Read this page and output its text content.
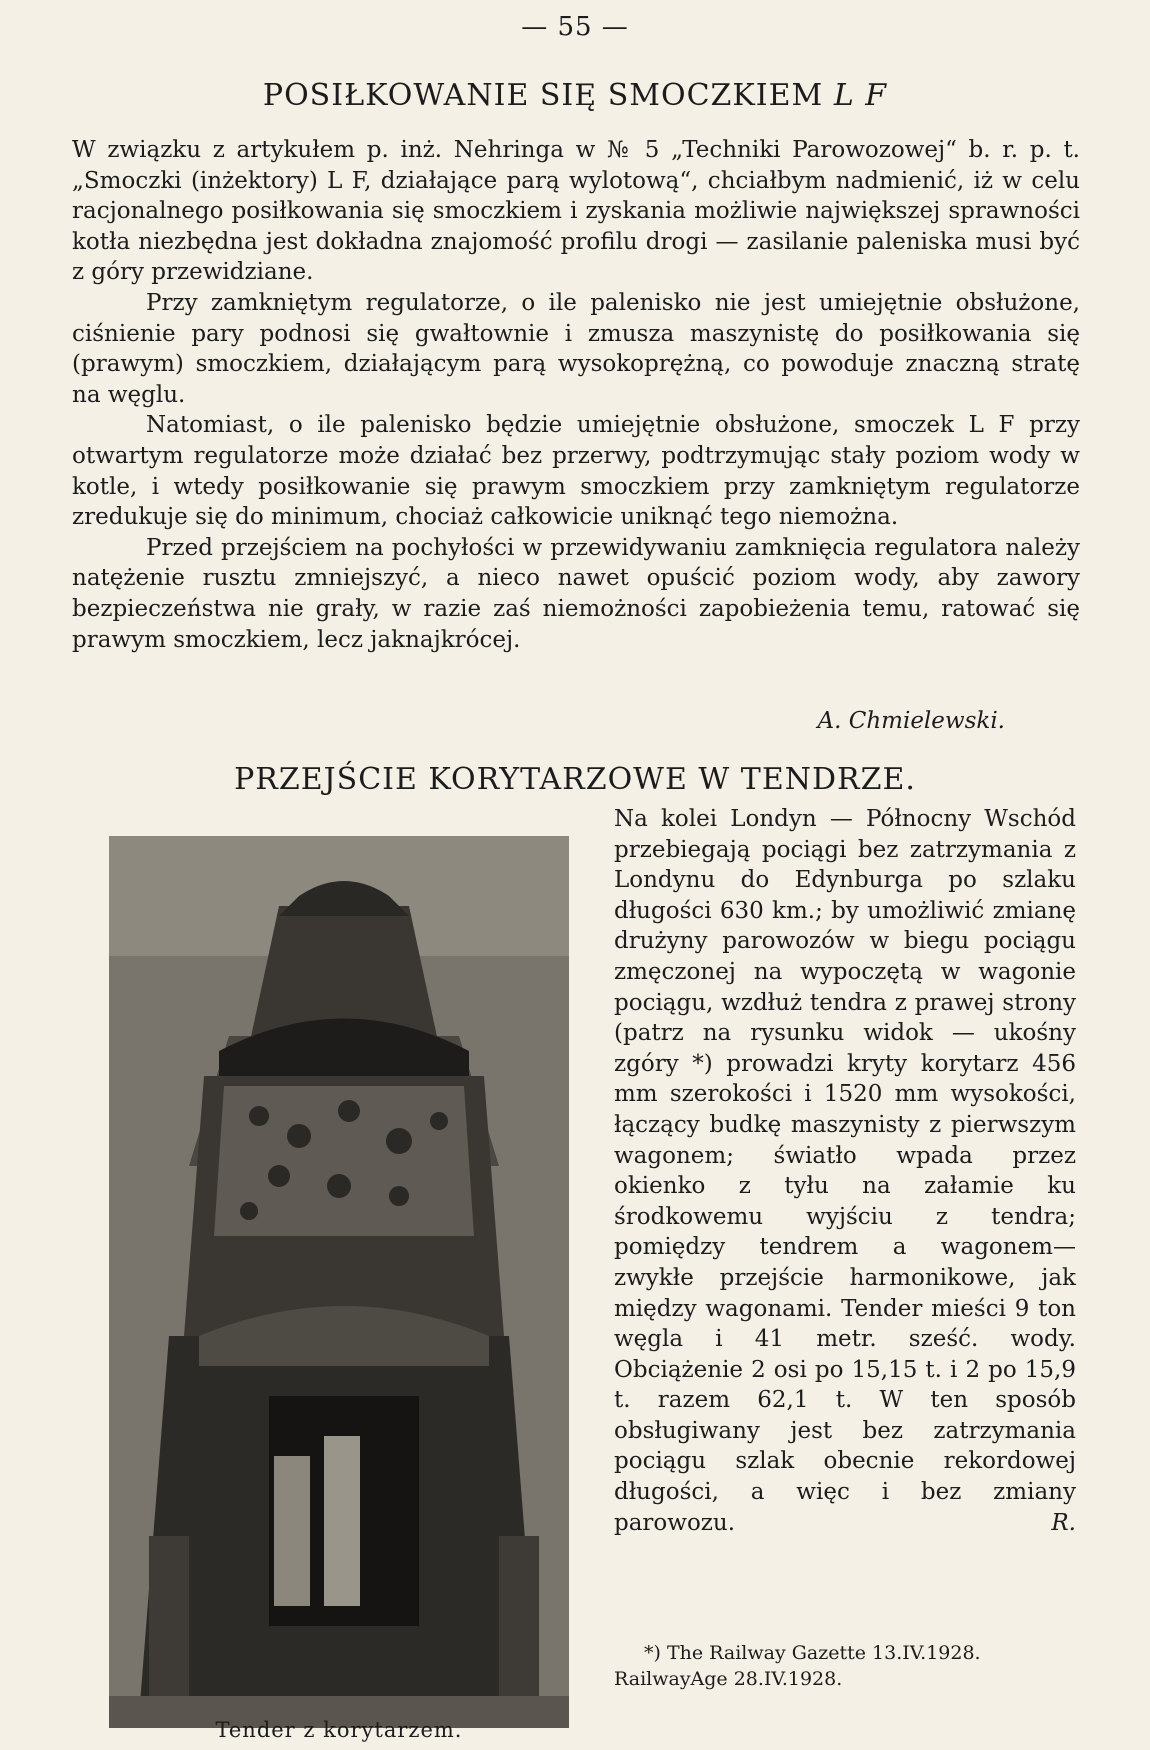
— 55 —
POSIŁKOWANIE SIĘ SMOCZKIEM L F

W związku z artykułem p. inż. Nehringa w № 5 „Techniki Parowozowej“ b. r. p. t. „Smoczki (inżektory) L F, działające parą wylotową“, chciałbym nadmienić, iż w celu racjonalnego posiłkowania się smoczkiem i zyskania możliwie największej sprawności kotła niezbędna jest dokładna znajomość profilu drogi — zasilanie paleniska musi być z góry przewidziane.

Przy zamkniętym regulatorze, o ile palenisko nie jest umiejętnie obsłużone, ciśnienie pary podnosi się gwałtownie i zmusza maszynistę do posiłkowania się (prawym) smoczkiem, działającym parą wysokoprężną, co powoduje znaczną stratę na węglu.

Natomiast, o ile palenisko będzie umiejętnie obsłużone, smoczek L F przy otwartym regulatorze może działać bez przerwy, podtrzymując stały poziom wody w kotle, i wtedy posiłkowanie się prawym smoczkiem przy zamkniętym regulatorze zredukuje się do minimum, chociaż całkowicie uniknąć tego niemożna.

Przed przejściem na pochyłości w przewidywaniu zamknięcia regulatora należy natężenie rusztu zmniejszyć, a nieco nawet opuścić poziom wody, aby zawory bezpieczeństwa nie grały, w razie zaś niemożności zapobieżenia temu, ratować się prawym smoczkiem, lecz jaknajkrócej.

A. Chmielewski.
PRZEJŚCIE KORYTARZOWE W TENDRZE.

Na kolei Londyn — Północny Wschód przebiegają pociągi bez zatrzymania z Londynu do Edynburga po szlaku długości 630 km.; by umożliwić zmianę drużyny parowozów w biegu pociągu zmęczonej na wypoczętą w wagonie pociągu, wzdłuż tendra z prawej strony (patrz na rysunku widok — ukośny zgóry *) prowadzi kryty korytarz 456 mm szerokości i 1520 mm wysokości, łączący budkę maszynisty z pierwszym wagonem; światło wpada przez okienko z tyłu na załamie ku środkowemu wyjściu z tendra; pomiędzy tendrem a wagonem— zwykłe przejście harmonikowe, jak między wagonami. Tender mieści 9 ton węgla i 41 metr. sześć. wody. Obciążenie 2 osi po 15,15 t. i 2 po 15,9 t. razem 62,1 t. W ten sposób obsługiwany jest bez zatrzymania pociągu szlak obecnie rekordowej długości, a więc i bez zmiany parowozu.	R.

*) The Railway Gazette 13.IV.1928.
RailwayAge 28.IV.1928.
Tender z korytarzem.
